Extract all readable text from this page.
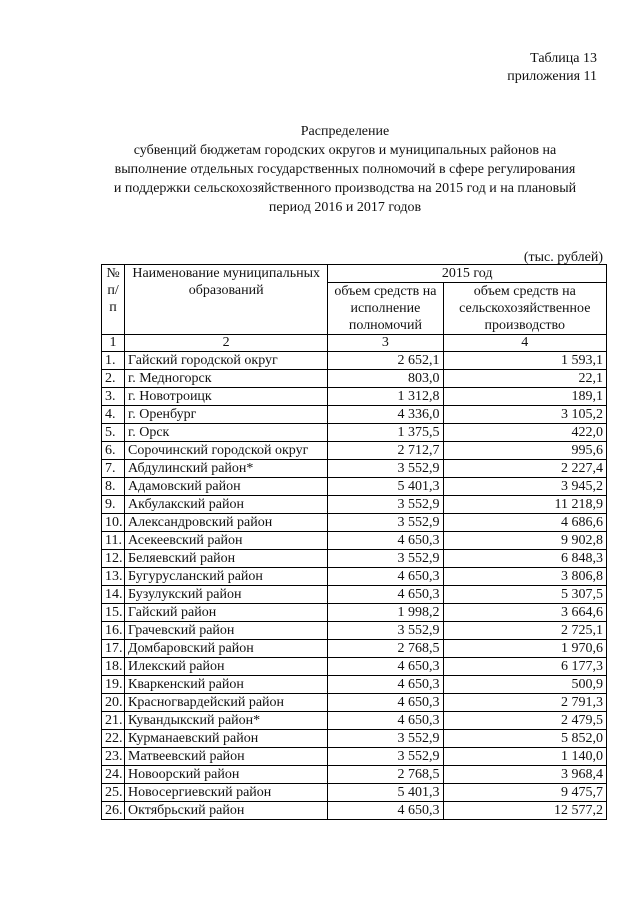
Таблица 13
приложения 11
Распределение
субвенций бюджетам городских округов и муниципальных районов на
выполнение отдельных государственных полномочий в сфере регулирования
и поддержки сельскохозяйственного производства на 2015 год и на плановый
период 2016 и 2017 годов
(тыс. рублей)
№ п/п	Наименование муниципальных образований	2015 год	
		объем средств на исполнение полномочий	объем средств на сельскохозяйственное производство
1	2	3	4
1.	Гайский городской округ	2 652,1	1 593,1
2.	г. Медногорск	803,0	22,1
3.	г. Новотроицк	1 312,8	189,1
4.	г. Оренбург	4 336,0	3 105,2
5.	г. Орск	1 375,5	422,0
6.	Сорочинский городской округ	2 712,7	995,6
7.	Абдулинский район*	3 552,9	2 227,4
8.	Адамовский район	5 401,3	3 945,2
9.	Акбулакский район	3 552,9	11 218,9
10.	Александровский район	3 552,9	4 686,6
11.	Асекеевский район	4 650,3	9 902,8
12.	Беляевский район	3 552,9	6 848,3
13.	Бугурусланский район	4 650,3	3 806,8
14.	Бузулукский район	4 650,3	5 307,5
15.	Гайский район	1 998,2	3 664,6
16.	Грачевский район	3 552,9	2 725,1
17.	Домбаровский район	2 768,5	1 970,6
18.	Илекский район	4 650,3	6 177,3
19.	Кваркенский район	4 650,3	500,9
20.	Красногвардейский район	4 650,3	2 791,3
21.	Кувандыкский район*	4 650,3	2 479,5
22.	Курманаевский район	3 552,9	5 852,0
23.	Матвеевский район	3 552,9	1 140,0
24.	Новоорский район	2 768,5	3 968,4
25.	Новосергиевский район	5 401,3	9 475,7
26.	Октябрьский район	4 650,3	12 577,2
